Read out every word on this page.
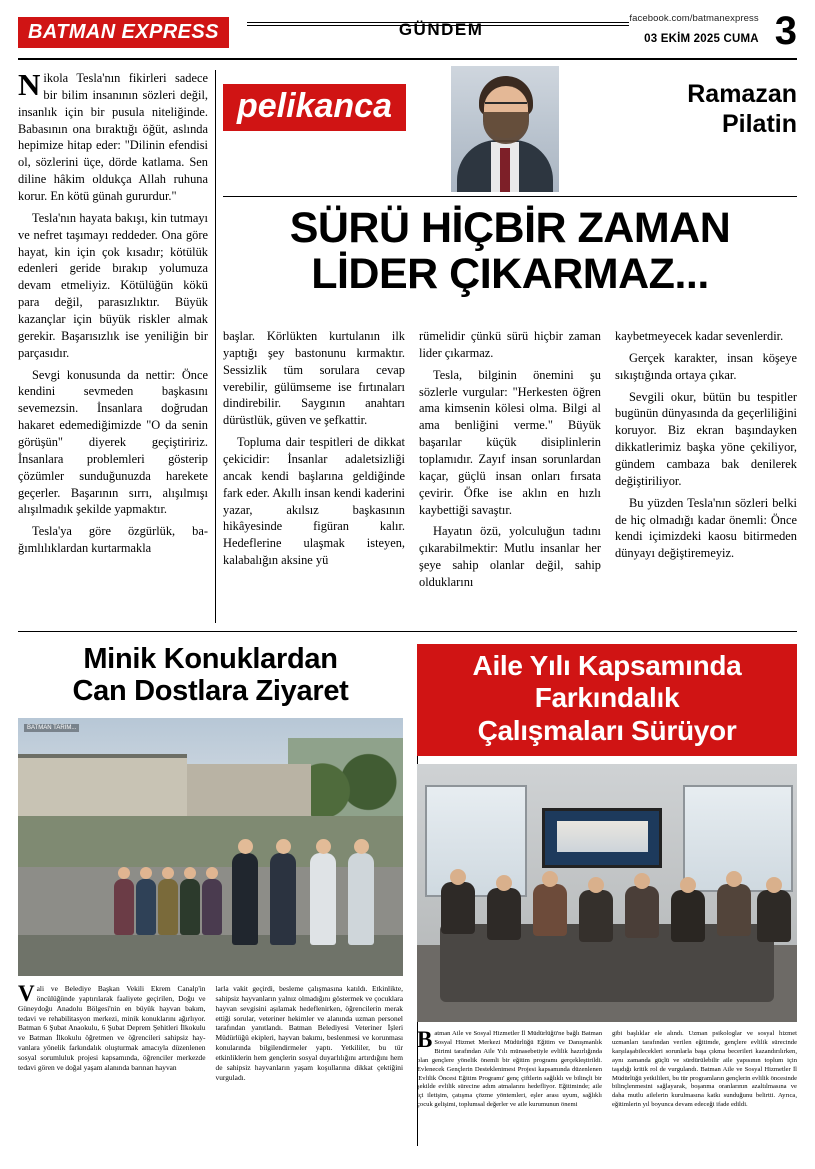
BATMAN EXPRESS	GÜNDEM
facebook.com/batmanexpress
03 EKİM 2025 CUMA 3

Nikola Tesla'nın fikirleri sadece bir bilim insanının sözleri değil, insanlık için bir pusula niteliğinde. Babasının ona bıraktığı öğüt, aslında hepimize hitap eder: "Dilinin efendisi ol, sözlerini üçe, dörde katlama. Sen diline hâkim oldukça Allah ruhuna korur. En kötü günah gururdur."

Tesla'nın hayata bakışı, kin tutmayı ve nefret taşımayı reddeder. Ona göre hayat, kin için çok kısadır; kötülük edenleri geride bırakıp yolumuza devam etmeliyiz. Kötülüğün kökü para değil, parasızlıktır. Büyük kazançlar için büyük riskler almak gerekir. Başarısızlık ise yeniliğin bir parçasıdır.

Sevgi konusunda da nettir: Önce kendini sevmeden başkasını sevemezsin. İnsanlara doğrudan hakaret edemediğimizde "O da senin görüşün" diyerek geçiştiririz. İnsanlara problemleri gösterip çözümler sunduğunuzda harekete geçerler. Başarının sırrı, alışılmışı alışılmadık şekilde yapmaktır.

Tesla'ya göre özgürlük, bağımlılıklardan kurtarmakla

pelikanca	Ramazan
Pilatin
SÜRÜ HİÇBİR ZAMAN
LİDER ÇIKARMAZ...

başlar. Körlükten kurtulanın ilk yaptığı şey bastonunu kırmaktır. Sessizlik tüm sorulara cevap verebilir, gülümseme ise fırtınaları dindirebilir. Saygının anahtarı dürüstlük, güven ve şefkattir.

Topluma dair tespitleri de dikkat çekicidir: İnsanlar adaletsizliği ancak kendi başlarına geldiğinde fark eder. Akıllı insan kendi kaderini yazar, akılsız başkasının hikâyesinde figüran kalır. Hedeflerine ulaşmak isteyen, kalabalığın aksine yü

rümelidir çünkü sürü hiçbir zaman lider çıkarmaz.

Tesla, bilginin önemini şu sözlerle vurgular: "Herkesten öğren ama kimsenin kölesi olma. Bilgi al ama benliğini verme." Büyük başarılar küçük disiplinlerin toplamıdır. Zayıf insan sorunlardan kaçar, güçlü insan onları fırsata çevirir. Öfke ise aklın en hızlı kaybettiği savaştır.

Hayatın özü, yolculuğun tadını çıkarabilmektir: Mutlu insanlar her şeye sahip olanlar değil, sahip olduklarını

kaybetmeyecek kadar sevenlerdir.

Gerçek karakter, insan köşeye sıkıştığında ortaya çıkar.

Sevgili okur, bütün bu tespitler bugünün dünyasında da geçerliliğini koruyor. Biz ekran başındayken dikkatlerimiz başka yöne çekiliyor, gündem cambaza bak denilerek değiştiriliyor.

Bu yüzden Tesla'nın sözleri belki de hiç olmadığı kadar önemli: Önce kendi içimizdeki kaosu bitirmeden dünyayı değiştiremeyiz.

Minik Konuklardan
Can Dostlara Ziyaret
BATMAN TARIM...

Vali ve Belediye Başkan Vekili Ekrem Canalp'in öncülüğünde yaptırılarak faaliyete geçirilen, Doğu ve Güneydoğu Anadolu Bölgesi'nin en büyük hayvan bakım, tedavi ve rehabilitasyon merkezi, minik konuklarını ağırlıyor. Batman 6 Şubat Anaokulu, 6 Şubat Deprem Şehitleri İlkokulu ve Batman İlkokulu öğretmen ve öğrencileri sahipsiz hayvanlara yönelik farkındalık oluşturmak amacıyla düzenlenen sosyal sorumluluk projesi kapsamında, öğrenciler merkezde tedavi gören ve doğal yaşam alanında barınan hayvan

larla vakit geçirdi, besleme çalışmasına katıldı. Etkinlikte, sahipsiz hayvanların yalnız olmadığını göstermek ve çocuklara hayvan sevgisini aşılamak hedeflenirken, öğrencilerin merak ettiği sorular, veteriner hekimler ve alanında uzman personel tarafından yanıtlandı. Batman Belediyesi Veteriner İşleri Müdürlüğü ekipleri, hayvan bakımı, beslenmesi ve korunması konularında bilgilendirmeler yaptı. Yetkililer, bu tür etkinliklerin hem gençlerin sosyal duyarlılığını artırdığını hem de sahipsiz hayvanların yaşam koşullarına dikkat çektiğini vurguladı.

Aile Yılı Kapsamında
Farkındalık
Çalışmaları Sürüyor

Batman Aile ve Sosyal Hizmetler İl Müdürlüğü'ne bağlı Batman Sosyal Hizmet Merkezi Müdürlüğü Eğitim ve Danışmanlık Birimi tarafından Aile Yılı münasebetiyle evlilik hazırlığında olan gençlere yönelik önemli bir eğitim programı gerçekleştirildi. Evlenecek Gençlerin Desteklenimesi Projesi kapsamında düzenlenen 'Evlilik Öncesi Eğitim Programı' genç çiftlerin sağlıklı ve bilinçli bir şekilde evlilik sürecine adım atmalarını hedefliyor. Eğitiminde; aile içi iletişim, çatışma çözme yöntemleri, eşler arası uyum, sağlıklı çocuk gelişimi, toplumsal değerler ve aile kurumunun önemi

gibi başlıklar ele alındı. Uzman psikologlar ve sosyal hizmet uzmanları tarafından verilen eğitimde, gençlere evlilik sürecinde karşılaşabilecekleri sorunlarla başa çıkma becerileri kazandırılırken, aynı zamanda güçlü ve sürdürülebilir aile yapısının toplum için taşıdığı kritik rol de vurgulandı. Batman Aile ve Sosyal Hizmetler İl Müdürlüğü yetkilileri, bu tür programların gençlerin evlilik öncesinde bilinçlenmesini sağlayarak, boşanma oranlarının azaltılmasına ve daha mutlu ailelerin kurulmasına katkı sunduğunu belirtti. Ayrıca, eğitimlerin yıl boyunca devam edeceği ifade edildi.
